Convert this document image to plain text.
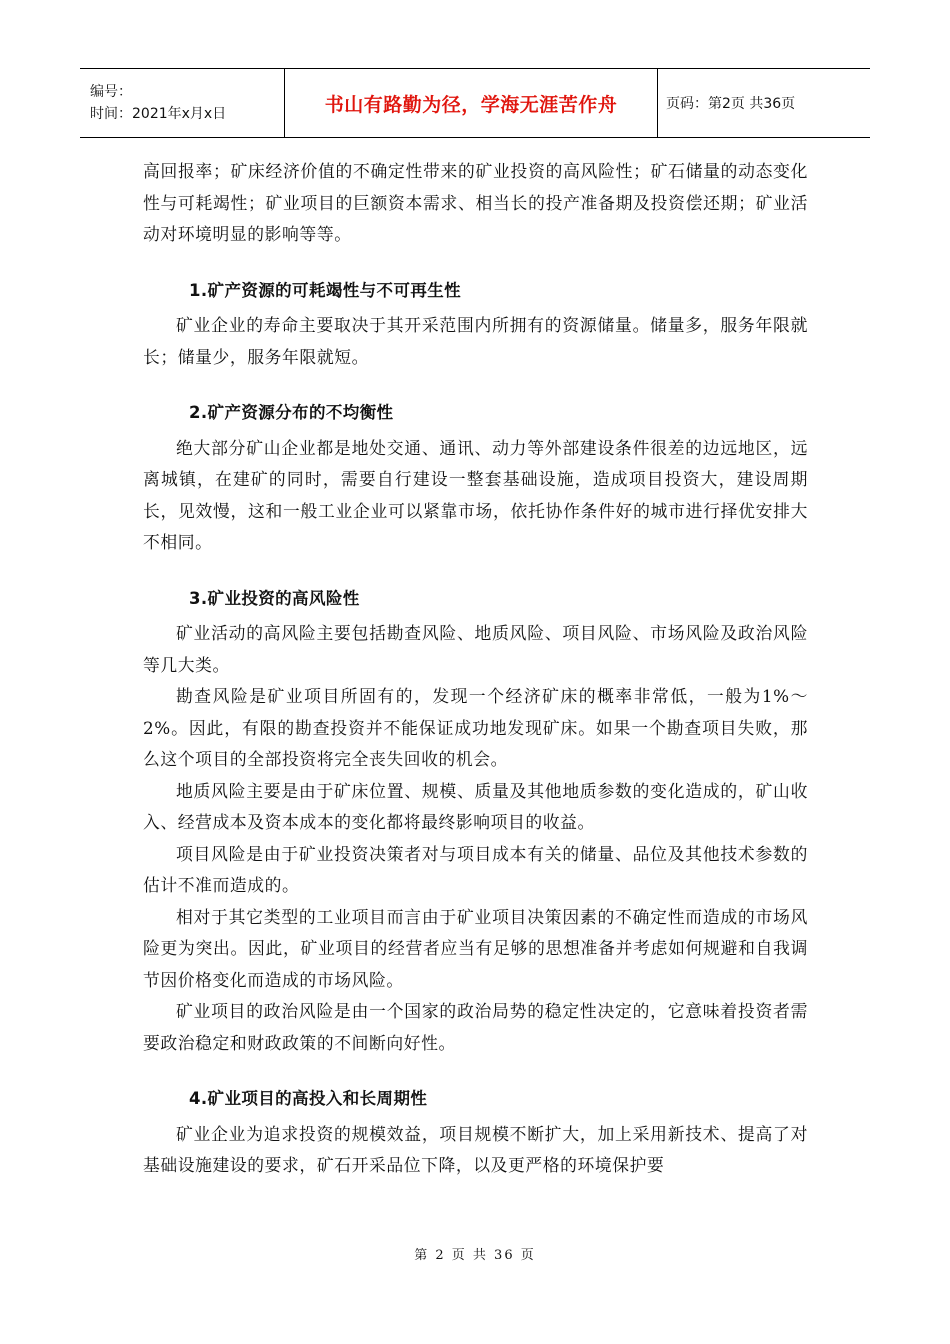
编号：
时间：2021年x月x日	书山有路勤为径，学海无涯苦作舟	页码：第2页 共36页

高回报率；矿床经济价值的不确定性带来的矿业投资的高风险性；矿石储量的动态变化性与可耗竭性；矿业项目的巨额资本需求、相当长的投产准备期及投资偿还期；矿业活动对环境明显的影响等等。

1.矿产资源的可耗竭性与不可再生性

矿业企业的寿命主要取决于其开采范围内所拥有的资源储量。储量多，服务年限就长；储量少，服务年限就短。

2.矿产资源分布的不均衡性

绝大部分矿山企业都是地处交通、通讯、动力等外部建设条件很差的边远地区，远离城镇，在建矿的同时，需要自行建设一整套基础设施，造成项目投资大，建设周期长，见效慢，这和一般工业企业可以紧靠市场，依托协作条件好的城市进行择优安排大不相同。

3.矿业投资的高风险性

矿业活动的高风险主要包括勘查风险、地质风险、项目风险、市场风险及政治风险等几大类。

勘查风险是矿业项目所固有的，发现一个经济矿床的概率非常低，一般为1%～2%。因此，有限的勘查投资并不能保证成功地发现矿床。如果一个勘查项目失败，那么这个项目的全部投资将完全丧失回收的机会。

地质风险主要是由于矿床位置、规模、质量及其他地质参数的变化造成的，矿山收入、经营成本及资本成本的变化都将最终影响项目的收益。

项目风险是由于矿业投资决策者对与项目成本有关的储量、品位及其他技术参数的估计不准而造成的。

相对于其它类型的工业项目而言由于矿业项目决策因素的不确定性而造成的市场风险更为突出。因此，矿业项目的经营者应当有足够的思想准备并考虑如何规避和自我调节因价格变化而造成的市场风险。

矿业项目的政治风险是由一个国家的政治局势的稳定性决定的，它意味着投资者需要政治稳定和财政政策的不间断向好性。

4.矿业项目的高投入和长周期性

矿业企业为追求投资的规模效益，项目规模不断扩大，加上采用新技术、提高了对基础设施建设的要求，矿石开采品位下降，以及更严格的环境保护要

第 2 页 共 36 页
